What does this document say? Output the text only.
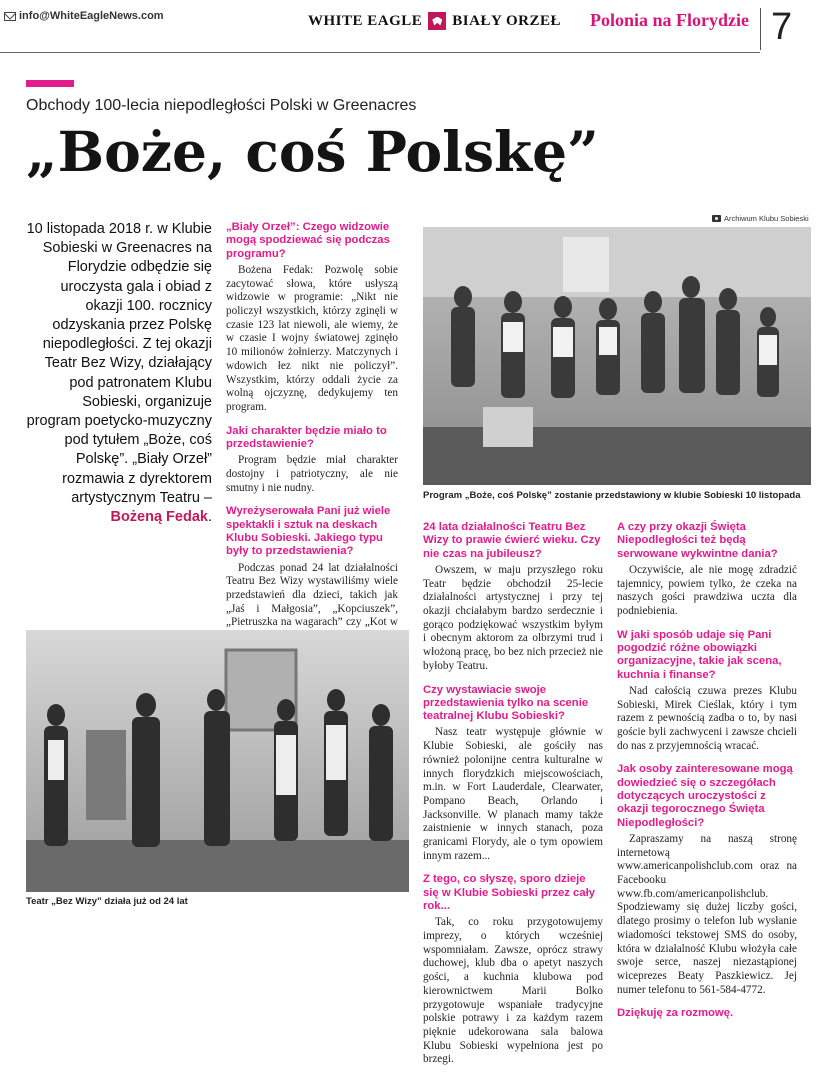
info@WhiteEagleNews.com	WHITE EAGLE BIAŁY ORZEŁ Polonia na Florydzie 7
Obchody 100-lecia niepodległości Polski w Greenacres
„Boże, coś Polskę”
10 listopada 2018 r. w Klubie Sobieski w Greenacres na Florydzie odbędzie się uroczysta gala i obiad z okazji 100. rocznicy odzyskania przez Polskę niepodległości. Z tej okazji Teatr Bez Wizy, działający pod patronatem Klubu Sobieski, organizuje program poetycko-muzyczny pod tytułem „Boże, coś Polskę”. „Biały Orzeł” rozmawia z dyrektorem artystycznym Teatru – Bożeną Fedak.
„Biały Orzeł”: Czego widzowie mogą spodziewać się podczas programu?

Bożena Fedak: Pozwolę sobie zacytować słowa, które usłyszą widzowie w programie: „Nikt nie policzył wszystkich, którzy zginęli w czasie 123 lat niewoli, ale wiemy, że w czasie I wojny światowej zginęło 10 milionów żołnierzy. Matczynych i wdowich łez nikt nie policzył”. Wszystkim, którzy oddali życie za wolną ojczyznę, dedykujemy ten program.

Jaki charakter będzie miało to przedstawienie?

Program będzie miał charakter dostojny i patriotyczny, ale nie smutny i nie nudny.

Wyreżyserowała Pani już wiele spektakli i sztuk na deskach Klubu Sobieski. Jakiego typu były to przedstawienia?

Podczas ponad 24 lat działalności Teatru Bez Wizy wystawiliśmy wiele przedstawień dla dzieci, takich jak „Jaś i Małgosia”, „Kopciuszek”, „Pietruszka na wagarach” czy „Kot w

24 lata działalności Teatru Bez Wizy to prawie ćwierć wieku. Czy nie czas na jubileusz?

Owszem, w maju przyszłego roku Teatr będzie obchodził 25-lecie działalności artystycznej i przy tej okazji chciałabym bardzo serdecznie i gorąco podziękować wszystkim byłym i obecnym aktorom za olbrzymi trud i włożoną pracę, bo bez nich przecież nie byłoby Teatru.

Czy wystawiacie swoje przedstawienia tylko na scenie teatralnej Klubu Sobieski?

Nasz teatr występuje głównie w Klubie Sobieski, ale gościły nas również polonijne centra kulturalne w innych florydzkich miejscowościach, m.in. w Fort Lauderdale, Clearwater, Pompano Beach, Orlando i Jacksonville. W planach mamy także zaistnienie w innych stanach, poza granicami Florydy, ale o tym opowiem innym razem...

Z tego, co słyszę, sporo dzieje się w Klubie Sobieski przez cały rok...

Tak, co roku przygotowujemy imprezy, o których wcześniej wspomniałam. Zawsze, oprócz strawy duchowej, klub dba o apetyt naszych gości, a kuchnia klubowa pod kierownictwem Marii Bolko przygotowuje wspaniałe tradycyjne polskie potrawy i za każdym razem pięknie udekorowana sala balowa Klubu Sobieski wypełniona jest po brzegi.

A czy przy okazji Święta Niepodległości też będą serwowane wykwintne dania?

Oczywiście, ale nie mogę zdradzić tajemnicy, powiem tylko, że czeka na naszych gości prawdziwa uczta dla podniebienia.

W jaki sposób udaje się Pani pogodzić różne obowiązki organizacyjne, takie jak scena, kuchnia i finanse?

Nad całością czuwa prezes Klubu Sobieski, Mirek Cieślak, który i tym razem z pewnością zadba o to, by nasi goście byli zachwyceni i zawsze chcieli do nas z przyjemnością wracać.

Jak osoby zainteresowane mogą dowiedzieć się o szczegółach dotyczących uroczystości z okazji tegorocznego Święta Niepodległości?

Zapraszamy na naszą stronę internetową www.americanpolishclub.com oraz na Facebooku www.fb.com/americanpolishclub. Spodziewamy się dużej liczby gości, dlatego prosimy o telefon lub wysłanie wiadomości tekstowej SMS do osoby, która w działalność Klubu włożyła całe swoje serce, naszej niezastąpionej wiceprezes Beaty Paszkiewicz. Jej numer telefonu to 561-584-4772.

Dziękuję za rozmowę.
Archiwum Klubu Sobieski
Program „Boże, coś Polskę” zostanie przedstawiony w klubie Sobieski 10 listopada
Teatr „Bez Wizy” działa już od 24 lat
